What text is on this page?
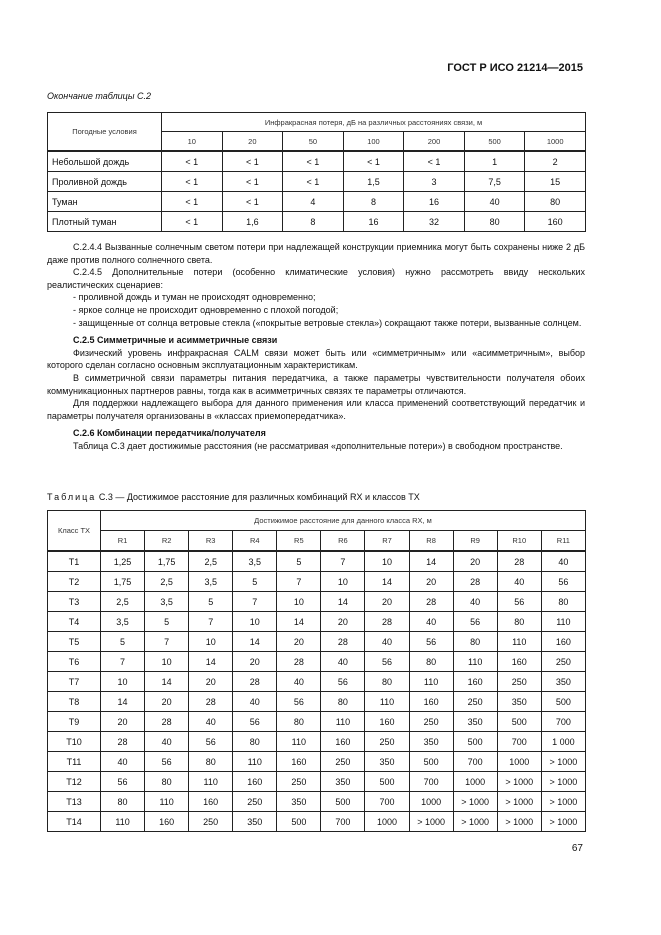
ГОСТ Р ИСО 21214—2015
Окончание таблицы С.2
Погодные условия	Инфракрасная потеря, дБ на различных расстояниях связи, м						
	10	20	50	100	200	500	1000
Небольшой дождь	< 1	< 1	< 1	< 1	< 1	1	2
Проливной дождь	< 1	< 1	< 1	1,5	3	7,5	15
Туман	< 1	< 1	4	8	16	40	80
Плотный туман	< 1	1,6	8	16	32	80	160

С.2.4.4 Вызванные солнечным светом потери при надлежащей конструкции приемника могут быть сохранены ниже 2 дБ даже против полного солнечного света.

С.2.4.5 Дополнительные потери (особенно климатические условия) нужно рассмотреть ввиду нескольких реалистических сценариев:

- проливной дождь и туман не происходят одновременно;

- яркое солнце не происходит одновременно с плохой погодой;

- защищенные от солнца ветровые стекла («покрытые ветровые стекла») сокращают также потери, вызванные солнцем.

С.2.5 Симметричные и асимметричные связи

Физический уровень инфракрасная CALM связи может быть или «симметричным» или «асимметричным», выбор которого сделан согласно основным эксплуатационным характеристикам.

В симметричной связи параметры питания передатчика, а также параметры чувствительности получателя обоих коммуникационных партнеров равны, тогда как в асимметричных связях те параметры отличаются.

Для поддержки надлежащего выбора для данного применения или класса применений соответствующий передатчик и параметры получателя организованы в «классах приемопередатчика».

С.2.6 Комбинации передатчика/получателя

Таблица С.3 дает достижимые расстояния (не рассматривая «дополнительные потери») в свободном пространстве.

Таблица С.3 — Достижимое расстояние для различных комбинаций RX и классов TX
Класс TX	Достижимое расстояние для данного класса RX, м										
	R1	R2	R3	R4	R5	R6	R7	R8	R9	R10	R11
T1	1,25	1,75	2,5	3,5	5	7	10	14	20	28	40
T2	1,75	2,5	3,5	5	7	10	14	20	28	40	56
T3	2,5	3,5	5	7	10	14	20	28	40	56	80
T4	3,5	5	7	10	14	20	28	40	56	80	110
T5	5	7	10	14	20	28	40	56	80	110	160
T6	7	10	14	20	28	40	56	80	110	160	250
T7	10	14	20	28	40	56	80	110	160	250	350
T8	14	20	28	40	56	80	110	160	250	350	500
T9	20	28	40	56	80	110	160	250	350	500	700
T10	28	40	56	80	110	160	250	350	500	700	1 000
T11	40	56	80	110	160	250	350	500	700	1000	> 1000
T12	56	80	110	160	250	350	500	700	1000	> 1000	> 1000
T13	80	110	160	250	350	500	700	1000	> 1000	> 1000	> 1000
T14	110	160	250	350	500	700	1000	> 1000	> 1000	> 1000	> 1000
67
